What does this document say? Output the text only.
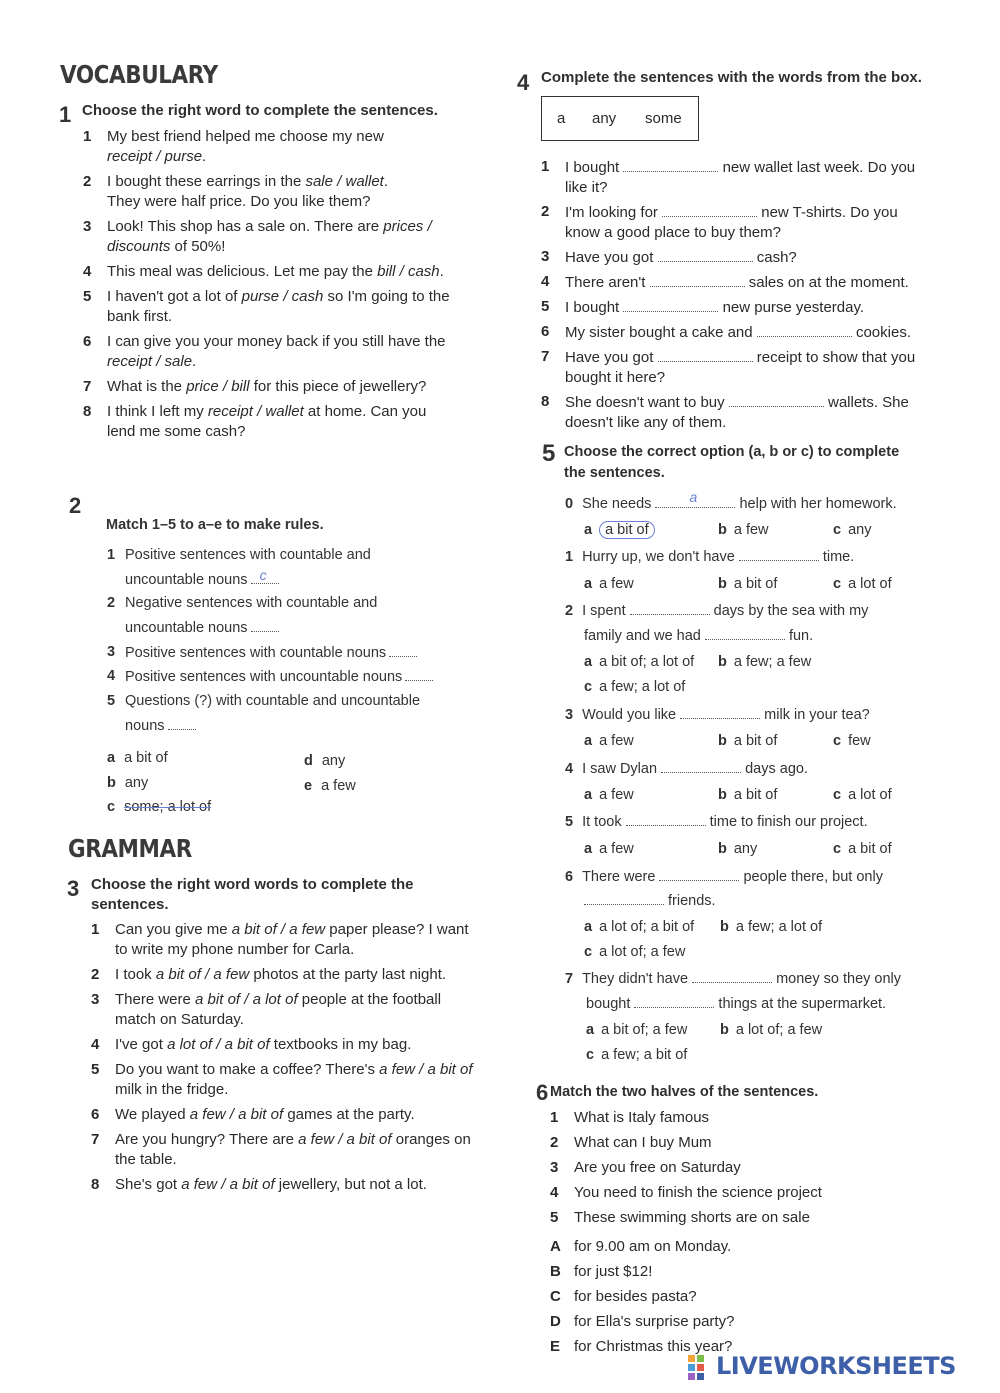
VOCABULARY
1 Choose the right word to complete the sentences.
1 My best friend helped me choose my new
receipt / purse.
2 I bought these earrings in the sale / wallet.
They were half price. Do you like them?
3 Look! This shop has a sale on. There are prices /
discounts of 50%!
4 This meal was delicious. Let me pay the bill / cash.
5 I haven't got a lot of purse / cash so I'm going to the
bank first.
6 I can give you your money back if you still have the
receipt / sale.
7 What is the price / bill for this piece of jewellery?
8 I think I left my receipt / wallet at home. Can you
lend me some cash?
2
Match 1–5 to a–e to make rules.
1 Positive sentences with countable and
uncountable nouns c
2 Negative sentences with countable and
uncountable nouns
3 Positive sentences with countable nouns
4 Positive sentences with uncountable nouns
5 Questions (?) with countable and uncountable
nouns
a a bit of
b any
c some; a lot of
d any
e a few
GRAMMAR
3 Choose the right word words to complete the
sentences.
1 Can you give me a bit of / a few paper please? I want
to write my phone number for Carla.
2 I took a bit of / a few photos at the party last night.
3 There were a bit of / a lot of people at the football
match on Saturday.
4 I've got a lot of / a bit of textbooks in my bag.
5 Do you want to make a coffee? There's a few / a bit of
milk in the fridge.
6 We played a few / a bit of games at the party.
7 Are you hungry? There are a few / a bit of oranges on
the table.
8 She's got a few / a bit of jewellery, but not a lot.
4 Complete the sentences with the words from the box.
a any some
1 I bought	new wallet last week. Do you
like it?
2 I'm looking for	new T-shirts. Do you
know a good place to buy them?
3 Have you got	cash?
4 There aren't	sales on at the moment.
5 I bought	new purse yesterday.
6 My sister bought a cake and	cookies.
7 Have you got	receipt to show that you
bought it here?
8 She doesn't want to buy	wallets. She
doesn't like any of them.
5 Choose the correct option (a, b or c) to complete
the sentences.
0 She needs	a	help with her homework.
a a bit of	b a few	c any
1 Hurry up, we don't have	time.
a a few	b a bit of	c a lot of
2 I spent	days by the sea with my
family and we had	fun.
a a bit of; a lot of b a few; a few
c a few; a lot of
3 Would you like	milk in your tea?
a a few	b a bit of	c few
4 I saw Dylan	days ago.
a a few	b a bit of	c a lot of
5 It took	time to finish our project.
a a few	b any	c a bit of
6 There were	people there, but only
friends.
a a lot of; a bit of b a few; a lot of
c a lot of; a few
7 They didn't have	money so they only
bought	things at the supermarket.
a a bit of; a few b a lot of; a few
c a few; a bit of
6 Match the two halves of the sentences.
1 What is Italy famous
2 What can I buy Mum
3 Are you free on Saturday
4 You need to finish the science project
5 These swimming shorts are on sale
A for 9.00 am on Monday.
B for just $12!
C for besides pasta?
D for Ella's surprise party?
E for Christmas this year?
LIVEWORKSHEETS
